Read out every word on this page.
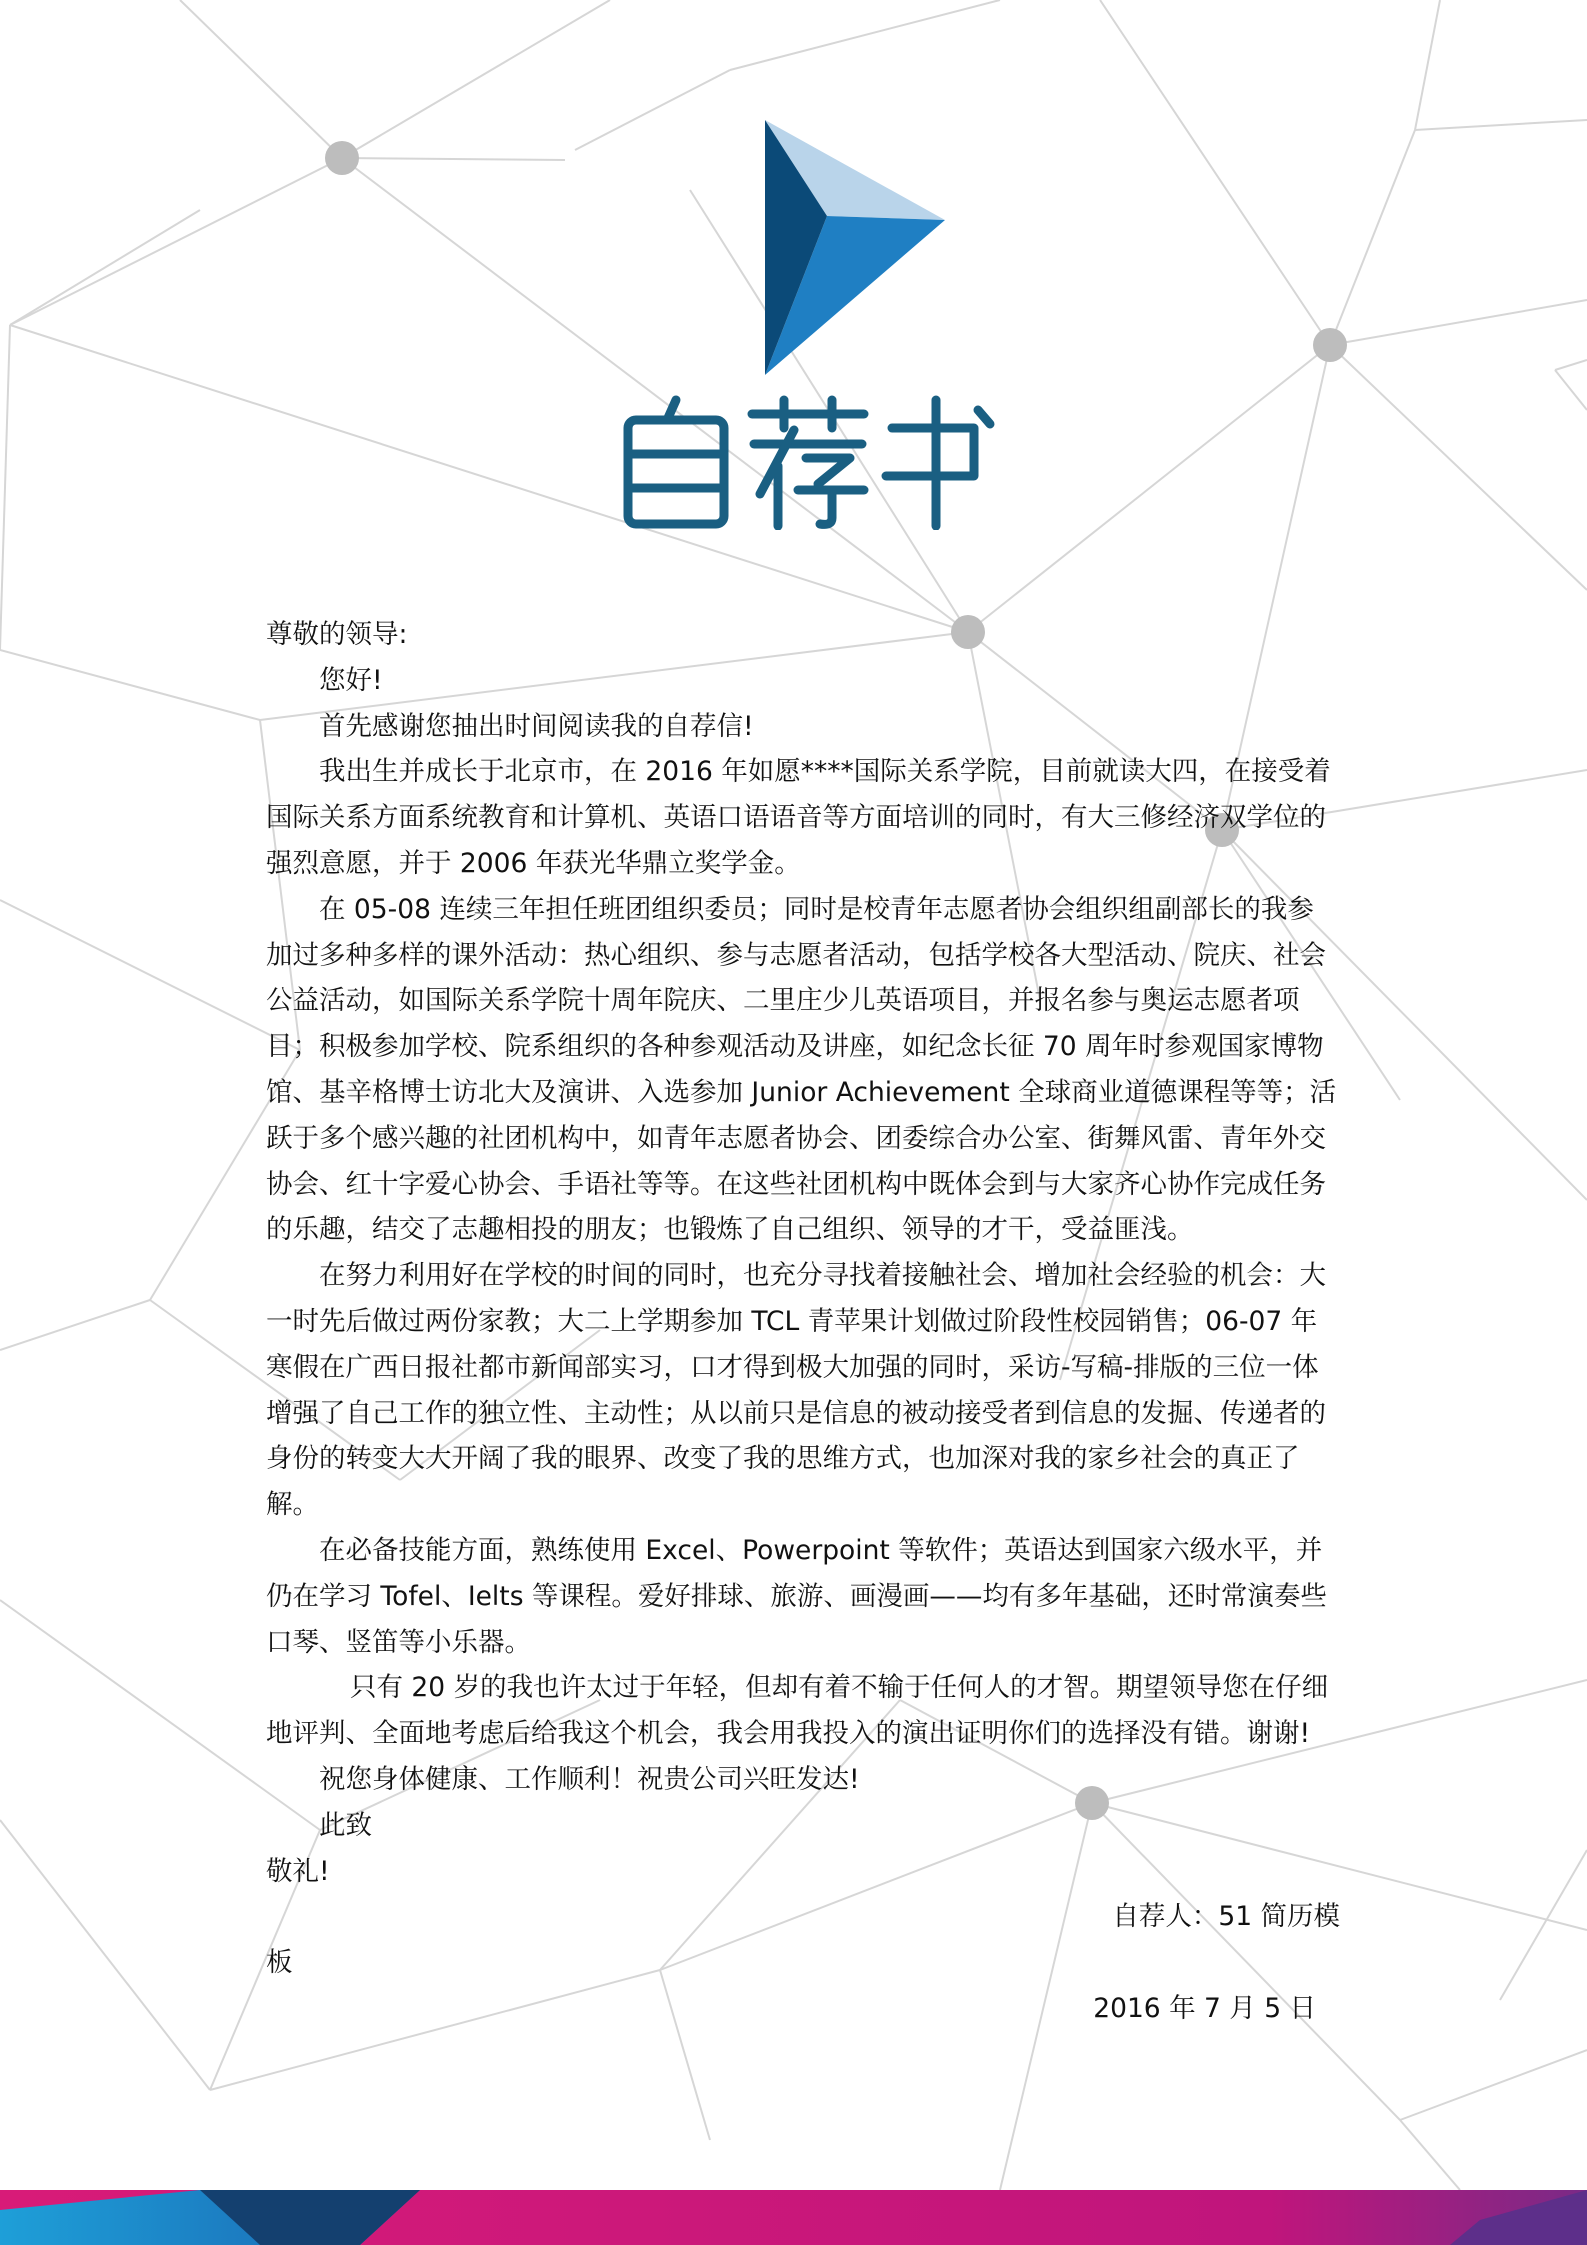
尊敬的领导:

您好!

首先感谢您抽出时间阅读我的自荐信!

我出生并成长于北京市，在 2016 年如愿****国际关系学院，目前就读大四，在接受着国际关系方面系统教育和计算机、英语口语语音等方面培训的同时，有大三修经济双学位的强烈意愿，并于 2006 年获光华鼎立奖学金。

在 05-08 连续三年担任班团组织委员；同时是校青年志愿者协会组织组副部长的我参加过多种多样的课外活动：热心组织、参与志愿者活动，包括学校各大型活动、院庆、社会公益活动，如国际关系学院十周年院庆、二里庄少儿英语项目，并报名参与奥运志愿者项目；积极参加学校、院系组织的各种参观活动及讲座，如纪念长征 70 周年时参观国家博物馆、基辛格博士访北大及演讲、入选参加 Junior Achievement 全球商业道德课程等等；活跃于多个感兴趣的社团机构中，如青年志愿者协会、团委综合办公室、街舞风雷、青年外交协会、红十字爱心协会、手语社等等。在这些社团机构中既体会到与大家齐心协作完成任务的乐趣，结交了志趣相投的朋友；也锻炼了自己组织、领导的才干，受益匪浅。

在努力利用好在学校的时间的同时，也充分寻找着接触社会、增加社会经验的机会：大一时先后做过两份家教；大二上学期参加 TCL 青苹果计划做过阶段性校园销售；06-07 年寒假在广西日报社都市新闻部实习，口才得到极大加强的同时，采访-写稿-排版的三位一体增强了自己工作的独立性、主动性；从以前只是信息的被动接受者到信息的发掘、传递者的身份的转变大大开阔了我的眼界、改变了我的思维方式，也加深对我的家乡社会的真正了解。

在必备技能方面，熟练使用 Excel、Powerpoint 等软件；英语达到国家六级水平，并仍在学习 Tofel、Ielts 等课程。爱好排球、旅游、画漫画——均有多年基础，还时常演奏些口琴、竖笛等小乐器。

只有 20 岁的我也许太过于年轻，但却有着不输于任何人的才智。期望领导您在仔细地评判、全面地考虑后给我这个机会，我会用我投入的演出证明你们的选择没有错。谢谢!

祝您身体健康、工作顺利！祝贵公司兴旺发达!

此致

敬礼!

自荐人：51 简历模

板

2016 年 7 月 5 日
